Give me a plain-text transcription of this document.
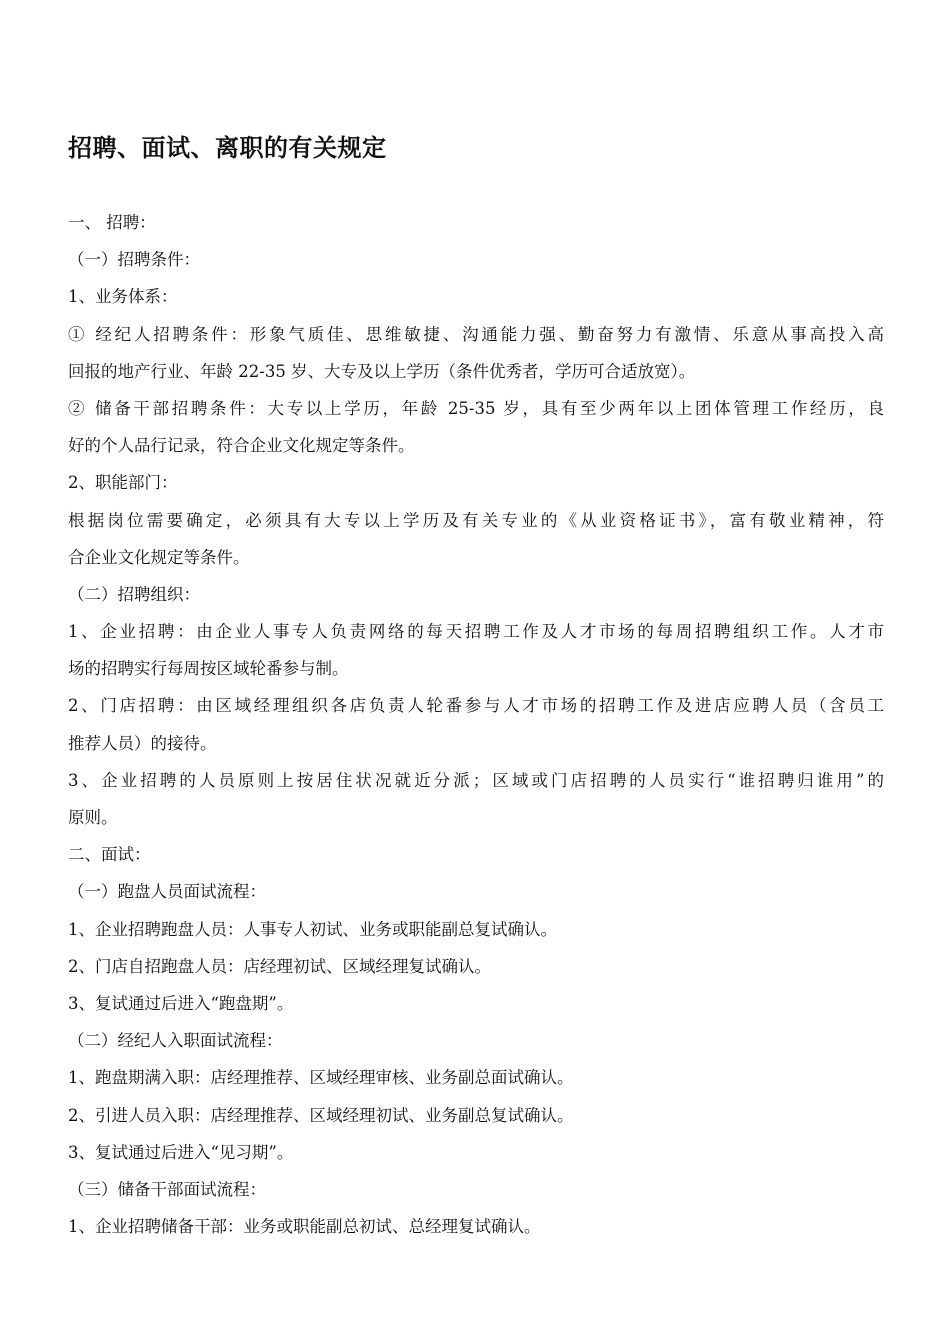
招聘、面试、离职的有关规定
一、 招聘：
（一）招聘条件：
1、业务体系：
① 经纪人招聘条件：形象气质佳、思维敏捷、沟通能力强、勤奋努力有激情、乐意从事高投入高
回报的地产行业、年龄 22-35 岁、大专及以上学历（条件优秀者，学历可合适放宽）。
② 储备干部招聘条件：大专以上学历，年龄 25-35 岁，具有至少两年以上团体管理工作经历，良
好的个人品行记录，符合企业文化规定等条件。
2、职能部门：
根据岗位需要确定，必须具有大专以上学历及有关专业的《从业资格证书》，富有敬业精神，符
合企业文化规定等条件。
（二）招聘组织：
1、企业招聘：由企业人事专人负责网络的每天招聘工作及人才市场的每周招聘组织工作。人才市
场的招聘实行每周按区域轮番参与制。
2、门店招聘：由区域经理组织各店负责人轮番参与人才市场的招聘工作及进店应聘人员（含员工
推荐人员）的接待。
3、企业招聘的人员原则上按居住状况就近分派；区域或门店招聘的人员实行“谁招聘归谁用”的
原则。
二、面试：
（一）跑盘人员面试流程：
1、企业招聘跑盘人员：人事专人初试、业务或职能副总复试确认。
2、门店自招跑盘人员：店经理初试、区域经理复试确认。
3、复试通过后进入“跑盘期”。
（二）经纪人入职面试流程：
1、跑盘期满入职：店经理推荐、区域经理审核、业务副总面试确认。
2、引进人员入职：店经理推荐、区域经理初试、业务副总复试确认。
3、复试通过后进入“见习期”。
（三）储备干部面试流程：
1、企业招聘储备干部：业务或职能副总初试、总经理复试确认。
